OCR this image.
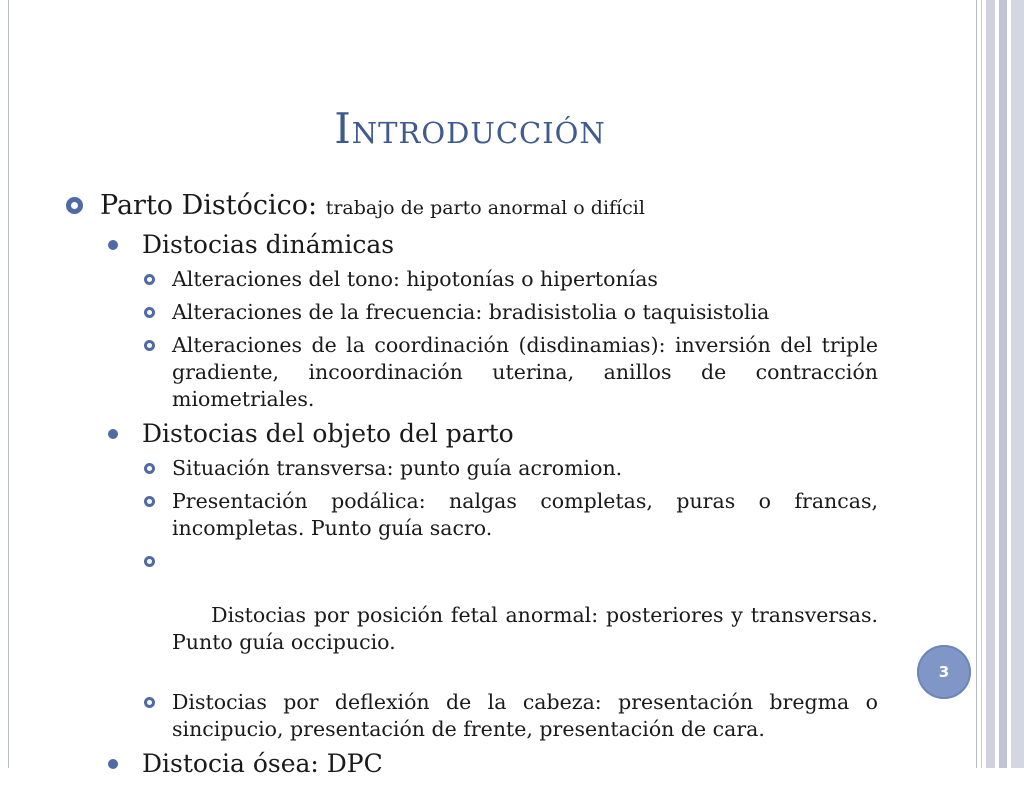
Introducción
Parto Distócico: trabajo de parto anormal o difícil
Distocias dinámicas
Alteraciones del tono: hipotonías o hipertonías
Alteraciones de la frecuencia: bradisistolia o taquisistolia
Alteraciones de la coordinación (disdinamias): inversión del triple gradiente, incoordinación uterina, anillos de contracción miometriales.
Distocias del objeto del parto
Situación transversa: punto guía acromion.
Presentación podálica: nalgas completas, puras o francas, incompletas. Punto guía sacro.

Distocias por posición fetal anormal: posteriores y transversas. Punto guía occipucio.

Distocias por deflexión de la cabeza: presentación bregma o sincipucio, presentación de frente, presentación de cara.
Distocia ósea: DPC
3
